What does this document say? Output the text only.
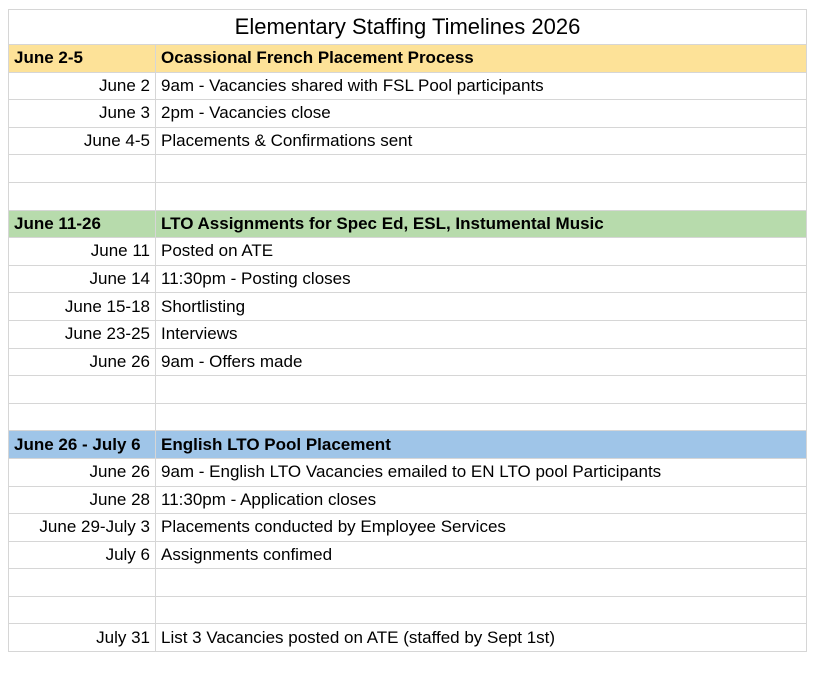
Elementary Staffing Timelines 2026	
June 2-5	Ocassional French Placement Process
June 2	9am - Vacancies shared with FSL Pool participants
June 3	2pm - Vacancies close
June 4-5	Placements & Confirmations sent

June 11-26	LTO Assignments for Spec Ed, ESL, Instumental Music
June 11	Posted on ATE
June 14	11:30pm - Posting closes
June 15-18	Shortlisting
June 23-25	Interviews
June 26	9am - Offers made

June 26 - July 6	English LTO Pool Placement
June 26	9am - English LTO Vacancies emailed to EN LTO pool Participants
June 28	11:30pm - Application closes
June 29-July 3	Placements conducted by Employee Services
July 6	Assignments confimed

July 31	List 3 Vacancies posted on ATE (staffed by Sept 1st)
